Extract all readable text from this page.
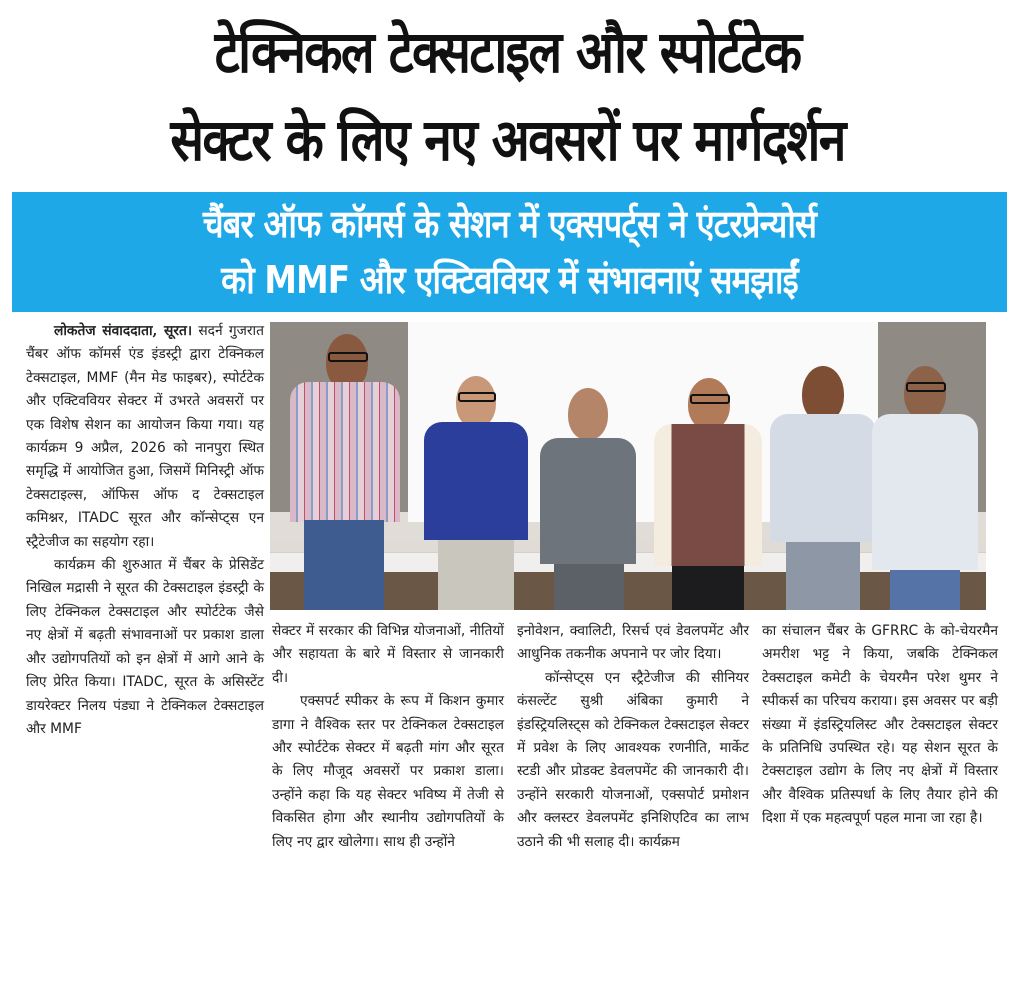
टेक्निकल टेक्सटाइल और स्पोर्टटेक
सेक्टर के लिए नए अवसरों पर मार्गदर्शन
चैंबर ऑफ कॉमर्स के सेशन में एक्सपर्ट्स ने एंटरप्रेन्योर्स
को MMF और एक्टिववियर में संभावनाएं समझाईं

लोकतेज संवाददाता, सूरत। सदर्न गुजरात चैंबर ऑफ कॉमर्स एंड इंडस्ट्री द्वारा टेक्निकल टेक्सटाइल, MMF (मैन मेड फाइबर), स्पोर्टटेक और एक्टिववियर सेक्टर में उभरते अवसरों पर एक विशेष सेशन का आयोजन किया गया। यह कार्यक्रम 9 अप्रैल, 2026 को नानपुरा स्थित समृद्धि में आयोजित हुआ, जिसमें मिनिस्ट्री ऑफ टेक्सटाइल्स, ऑफिस ऑफ द टेक्सटाइल कमिश्नर, ITADC सूरत और कॉन्सेप्ट्स एन स्ट्रैटेजीज का सहयोग रहा।

कार्यक्रम की शुरुआत में चैंबर के प्रेसिडेंट निखिल मद्रासी ने सूरत की टेक्सटाइल इंडस्ट्री के लिए टेक्निकल टेक्सटाइल और स्पोर्टटेक जैसे नए क्षेत्रों में बढ़ती संभावनाओं पर प्रकाश डाला और उद्योगपतियों को इन क्षेत्रों में आगे आने के लिए प्रेरित किया। ITADC, सूरत के असिस्टेंट डायरेक्टर निलय पंड्या ने टेक्निकल टेक्सटाइल और MMF

सेक्टर में सरकार की विभिन्न योजनाओं, नीतियों और सहायता के बारे में विस्तार से जानकारी दी।

एक्सपर्ट स्पीकर के रूप में किशन कुमार डागा ने वैश्विक स्तर पर टेक्निकल टेक्सटाइल और स्पोर्टटेक सेक्टर में बढ़ती मांग और सूरत के लिए मौजूद अवसरों पर प्रकाश डाला। उन्होंने कहा कि यह सेक्टर भविष्य में तेजी से विकसित होगा और स्थानीय उद्योगपतियों के लिए नए द्वार खोलेगा। साथ ही उन्होंने

इनोवेशन, क्वालिटी, रिसर्च एवं डेवलपमेंट और आधुनिक तकनीक अपनाने पर जोर दिया।

कॉन्सेप्ट्स एन स्ट्रैटेजीज की सीनियर कंसल्टेंट सुश्री अंबिका कुमारी ने इंडस्ट्रियलिस्ट्स को टेक्निकल टेक्सटाइल सेक्टर में प्रवेश के लिए आवश्यक रणनीति, मार्केट स्टडी और प्रोडक्ट डेवलपमेंट की जानकारी दी। उन्होंने सरकारी योजनाओं, एक्सपोर्ट प्रमोशन और क्लस्टर डेवलपमेंट इनिशिएटिव का लाभ उठाने की भी सलाह दी। कार्यक्रम

का संचालन चैंबर के GFRRC के को-चेयरमैन अमरीश भट्ट ने किया, जबकि टेक्निकल टेक्सटाइल कमेटी के चेयरमैन परेश थुमर ने स्पीकर्स का परिचय कराया। इस अवसर पर बड़ी संख्या में इंडस्ट्रियलिस्ट और टेक्सटाइल सेक्टर के प्रतिनिधि उपस्थित रहे। यह सेशन सूरत के टेक्सटाइल उद्योग के लिए नए क्षेत्रों में विस्तार और वैश्विक प्रतिस्पर्धा के लिए तैयार होने की दिशा में एक महत्वपूर्ण पहल माना जा रहा है।
